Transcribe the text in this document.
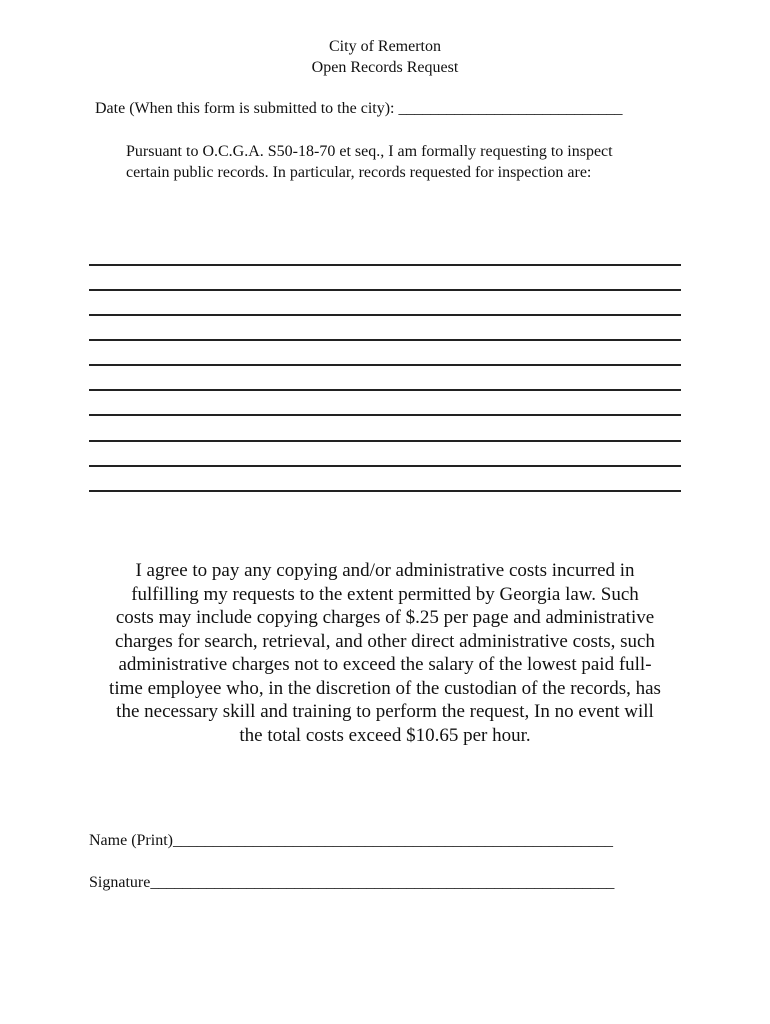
City of Remerton
Open Records Request
Date (When this form is submitted to the city): ____________________________

Pursuant to O.C.G.A. S50-18-70 et seq., I am formally requesting to inspect

certain public records. In particular, records requested for inspection are:

I agree to pay any copying and/or administrative costs incurred in

fulfilling my requests to the extent permitted by Georgia law. Such

costs may include copying charges of $.25 per page and administrative

charges for search, retrieval, and other direct administrative costs, such

administrative charges not to exceed the salary of the lowest paid full-

time employee who, in the discretion of the custodian of the records, has

the necessary skill and training to perform the request, In no event will

the total costs exceed $10.65 per hour.

Name (Print)_______________________________________________________
Signature__________________________________________________________
